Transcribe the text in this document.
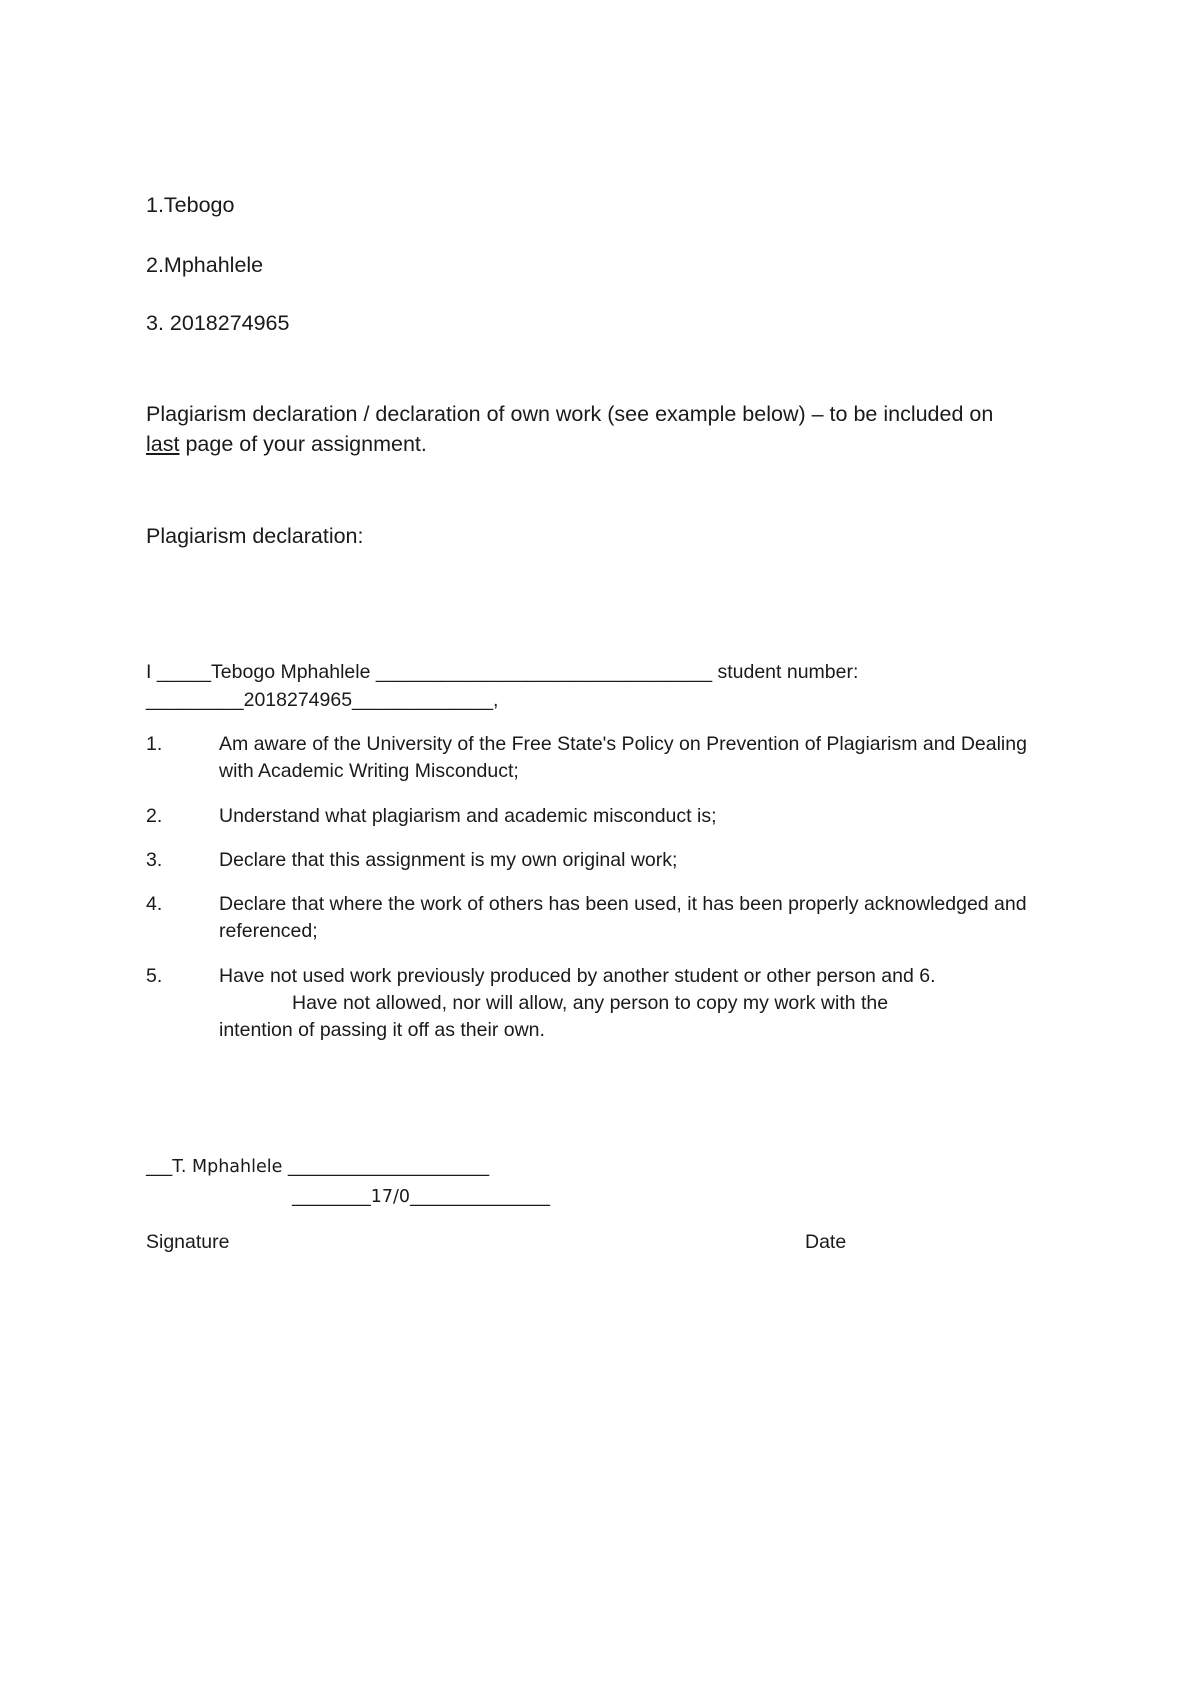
1.Tebogo
2.Mphahlele
3. 2018274965
Plagiarism declaration / declaration of own work (see example below) – to be included on last page of your assignment.
Plagiarism declaration:
I _____Tebogo Mphahlele _______________________________ student number:
_________2018274965_____________,
1.	Am aware of the University of the Free State's Policy on Prevention of Plagiarism and Dealing with Academic Writing Misconduct;
2.	Understand what plagiarism and academic misconduct is;
3.	Declare that this assignment is my own original work;
4.	Declare that where the work of others has been used, it has been properly acknowledged and referenced;
5.	Have not used work previously produced by another student or other person and 6.
Have not allowed, nor will allow, any person to copy my work with the
intention of passing it off as their own.
___T. Mphahlele _______________________
_________17/0________________
Signature	Date
